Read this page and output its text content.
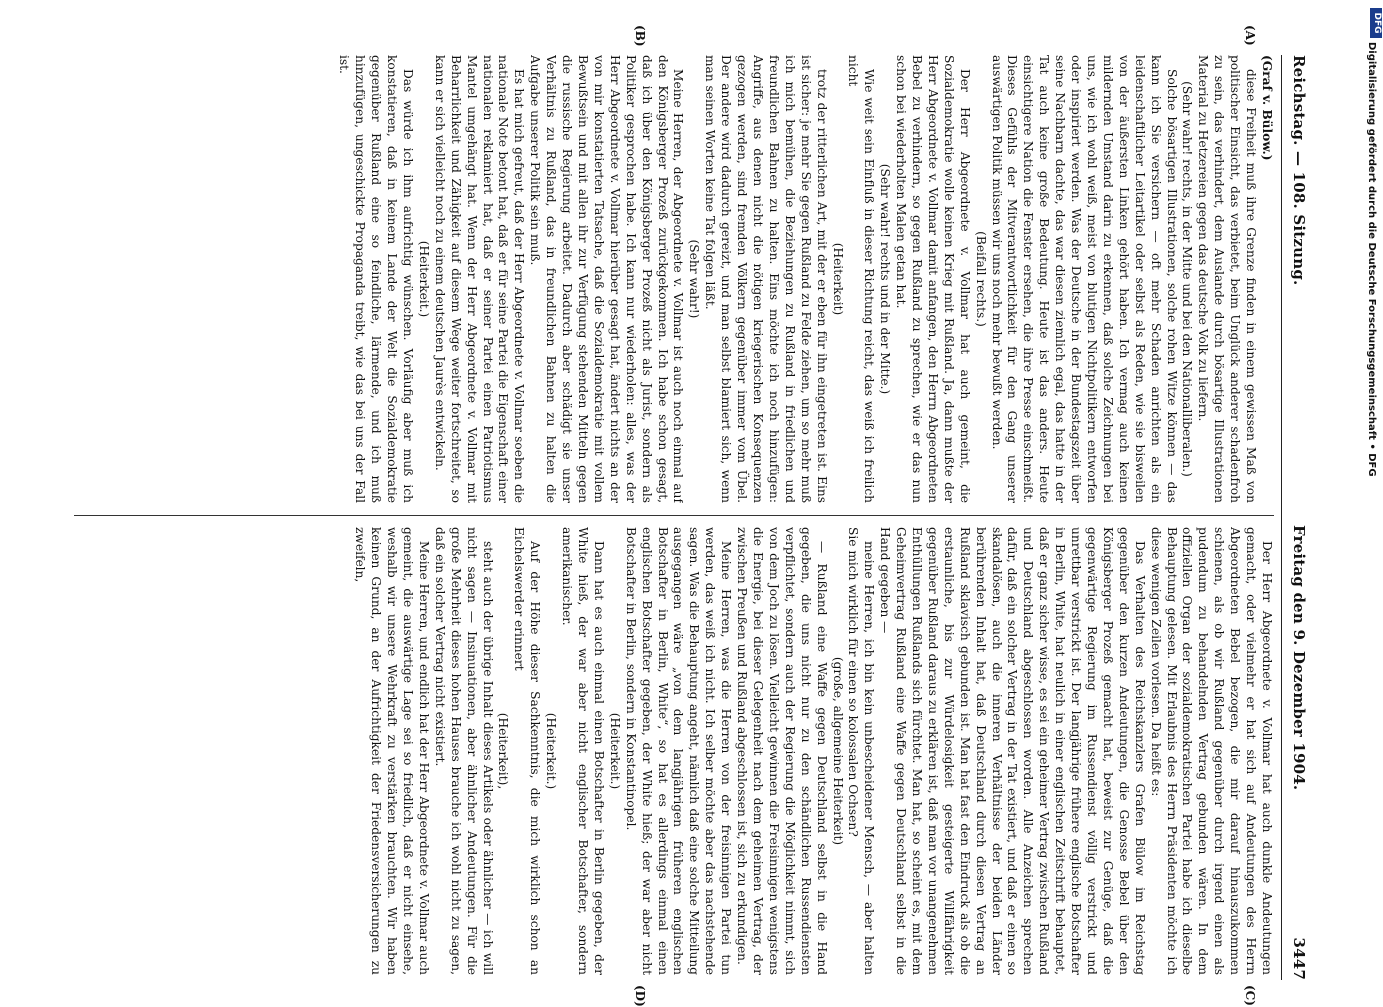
Reichstag. — 108. Sitzung.
Freitag den 9. Dezember 1904.
3447

(Graf v. Bülow.)

diese Freiheit muß ihre Grenze finden in einem gewissen Maß von politischer Einsicht, das verbietet, beim Unglück anderer schadenfroh zu sein, das verhindert, dem Auslande durch bösartige Illustrationen Material zu Hetzereien gegen das deutsche Volk zu liefern.

(Sehr wahr! rechts, in der Mitte und bei den Nationalliberalen.)

Solche bösartigen Illustrationen, solche rohen Witze können — das kann ich Sie versichern — oft mehr Schaden anrichten als ein leidenschaftlicher Leitartikel oder selbst als Reden, wie sie bisweilen von der äußersten Linken gehört haben. Ich vermag auch keinen mildernden Umstand darin zu erkennen, daß solche Zeichnungen bei uns, wie ich wohl weiß, meist von blutigen Nichtpolitikern entworfen oder inspiriert werden. Was der Deutsche in der Bundestagszeit über seine Nachbarn dachte, das war diesen ziemlich egal, das hatte in der Tat auch keine große Bedeutung. Heute ist das anders. Heute einsichtigere Nation die Fenster ersehen, die ihre Presse einschmeißt. Dieses Gefühls der Mitverantwortlichkeit für den Gang unserer auswärtigen Politik müssen wir uns noch mehr bewußt werden.

(Beifall rechts.)

Der Herr Abgeordnete v. Vollmar hat auch gemeint, die Sozialdemokratie wolle keinen Krieg mit Rußland. Ja, dann mußte der Herr Abgeordnete v. Vollmar damit anfangen, den Herrn Abgeordneten Bebel zu verhindern, so gegen Rußland zu sprechen, wie er das nun schon bei wiederholten Malen getan hat.

(Sehr wahr! rechts und in der Mitte.)

Wie weit sein Einfluß in dieser Richtung reicht, das weiß ich freilich nicht

(Heiterkeit)

trotz der ritterlichen Art, mit der er eben für ihn eingetreten ist. Eins ist sicher: je mehr Sie gegen Rußland zu Felde ziehen, um so mehr muß ich mich bemühen, die Beziehungen zu Rußland in friedlichen und freundlichen Bahnen zu halten. Eins möchte ich noch hinzufügen: Angriffe, aus denen nicht die nötigen kriegerischen Konsequenzen gezogen werden, sind fremden Völkern gegenüber immer vom Übel. Der andere wird dadurch gereizt, und man selbst blamiert sich, wenn man seinen Worten keine Tat folgen läßt.

(Sehr wahr!)

Meine Herren, der Abgeordnete v. Vollmar ist auch noch einmal auf den Königsberger Prozeß zurückgekommen. Ich habe schon gesagt, daß ich über den Königsberger Prozeß nicht als Jurist, sondern als Politiker gesprochen habe. Ich kann nur wiederholen: alles, was der Herr Abgeordnete v. Vollmar hierüber gesagt hat, ändert nichts an der von mir konstatierten Tatsache, daß die Sozialdemokratie mit vollem Bewußtsein und mit allen ihr zur Verfügung stehenden Mitteln gegen die russische Regierung arbeitet. Dadurch aber schädigt sie unser Verhältnis zu Rußland, das in freundlichen Bahnen zu halten die Aufgabe unserer Politik sein muß.

Es hat mich gefreut, daß der Herr Abgeordnete v. Vollmar soeben die nationale Note betont hat, daß er für seine Partei die Eigenschaft einer nationalen reklamiert hat, daß er seiner Partei einen Patriotismus Mantel umgehängt hat. Wenn der Herr Abgeordnete v. Vollmar mit Beharrlichkeit und Zähigkeit auf diesem Wege weiter fortschreitet, so kann er sich vielleicht noch zu einem deutschen Jaurès entwickeln.

(Heiterkeit.)

Das würde ich ihm aufrichtig wünschen. Vorläufig aber muß ich konstatieren, daß in keinem Lande der Welt die Sozialdemokratie gegenüber Rußland eine so feindliche, lärmende, und ich muß hinzufügen, ungeschickte Propaganda treibt, wie das bei uns der Fall ist.

Der Herr Abgeordnete v. Vollmar hat auch dunkle Andeutungen gemacht, oder vielmehr er hat sich auf Andeutungen des Herrn Abgeordneten Bebel bezogen, die mir darauf hinauszukommen schienen, als ob wir Rußland gegenüber durch irgend einen als pudendum zu behandelnden Vertrag gebunden wären. In dem offiziellen Organ der sozialdemokratischen Partei habe ich dieselbe Behauptung gelesen. Mit Erlaubnis des Herrn Präsidenten möchte ich diese wenigen Zeilen vorlesen. Da heißt es:

Das Verhalten des Reichskanzlers Grafen Bülow im Reichstag gegenüber den kurzen Andeutungen, die Genosse Bebel über den Königsberger Prozeß gemacht hat, beweist zur Genüge, daß die gegenwärtige Regierung im Russendienst völlig verstrickt und unrettbar verstrickt ist. Der langjährige frühere englische Botschafter in Berlin, White, hat neulich in einer englischen Zeitschrift behauptet, daß er ganz sicher wisse, es sei ein geheimer Vertrag zwischen Rußland und Deutschland abgeschlossen worden. Alle Anzeichen sprechen dafür, daß ein solcher Vertrag in der Tat existiert, und daß er einen so skandalösen, auch die inneren Verhältnisse der beiden Länder berührenden Inhalt hat, daß Deutschland durch diesen Vertrag an Rußland sklavisch gebunden ist. Man hat fast den Eindruck als ob die erstaunliche, bis zur Würdelosigkeit gesteigerte Willfährigkeit gegenüber Rußland daraus zu erklären ist, daß man vor unangenehmen Enthüllungen Rußlands sich fürchtet. Man hat, so scheint es, mit dem Geheimvertrag Rußland eine Waffe gegen Deutschland selbst in die Hand gegeben —

meine Herren, ich bin kein unbescheidener Mensch, — aber halten Sie mich wirklich für einen so kolossalen Ochsen?

(große, allgemeine Heiterkeit)

— Rußland eine Waffe gegen Deutschland selbst in die Hand gegeben, die uns nicht nur zu den schändlichen Russendiensten verpflichtet, sondern auch der Regierung die Möglichkeit nimmt, sich von dem Joch zu lösen. Vielleicht gewinnen die Freisinnigen wenigstens die Energie, bei dieser Gelegenheit nach dem geheimen Vertrag, der zwischen Preußen und Rußland abgeschlossen ist, sich zu erkundigen.

Meine Herren, was die Herren von der freisinnigen Partei tun werden, das weiß ich nicht. Ich selber möchte aber das nachstehende sagen. Was die Behauptung angeht, nämlich daß eine solche Mitteilung ausgegangen wäre „von dem langjährigen früheren englischen Botschafter in Berlin, White“, so hat es allerdings einmal einen englischen Botschafter gegeben, der White hieß; der war aber nicht Botschafter in Berlin, sondern in Konstantinopel.

(Heiterkeit.)

Dann hat es auch einmal einen Botschafter in Berlin gegeben, der White hieß, der war aber nicht englischer Botschafter, sondern amerikanischer.

(Heiterkeit.)

Auf der Höhe dieser Sachkenntnis, die mich wirklich schon an Eichelswerder erinnert

(Heiterkeit),

steht auch der übrige Inhalt dieses Artikels oder ähnlicher — ich will nicht sagen — Insinuationen, aber ähnlicher Andeutungen. Für die große Mehrheit dieses hohen Hauses brauche ich wohl nicht zu sagen, daß ein solcher Vertrag nicht existiert.

Meine Herren, und endlich hat der Herr Abgeordnete v. Vollmar auch gemeint, die auswärtige Lage sei so friedlich, daß er nicht einsehe, weshalb wir unsere Wehrkraft zu verstärken brauchten. Wir haben keinen Grund, an der Aufrichtigkeit der Friedensversicherungen zu zweifeln,

(A)
(B)
(C)
(D)
DFG
Digitalisierung gefördert durch die Deutsche Forschungsgemeinschaft • DFG
